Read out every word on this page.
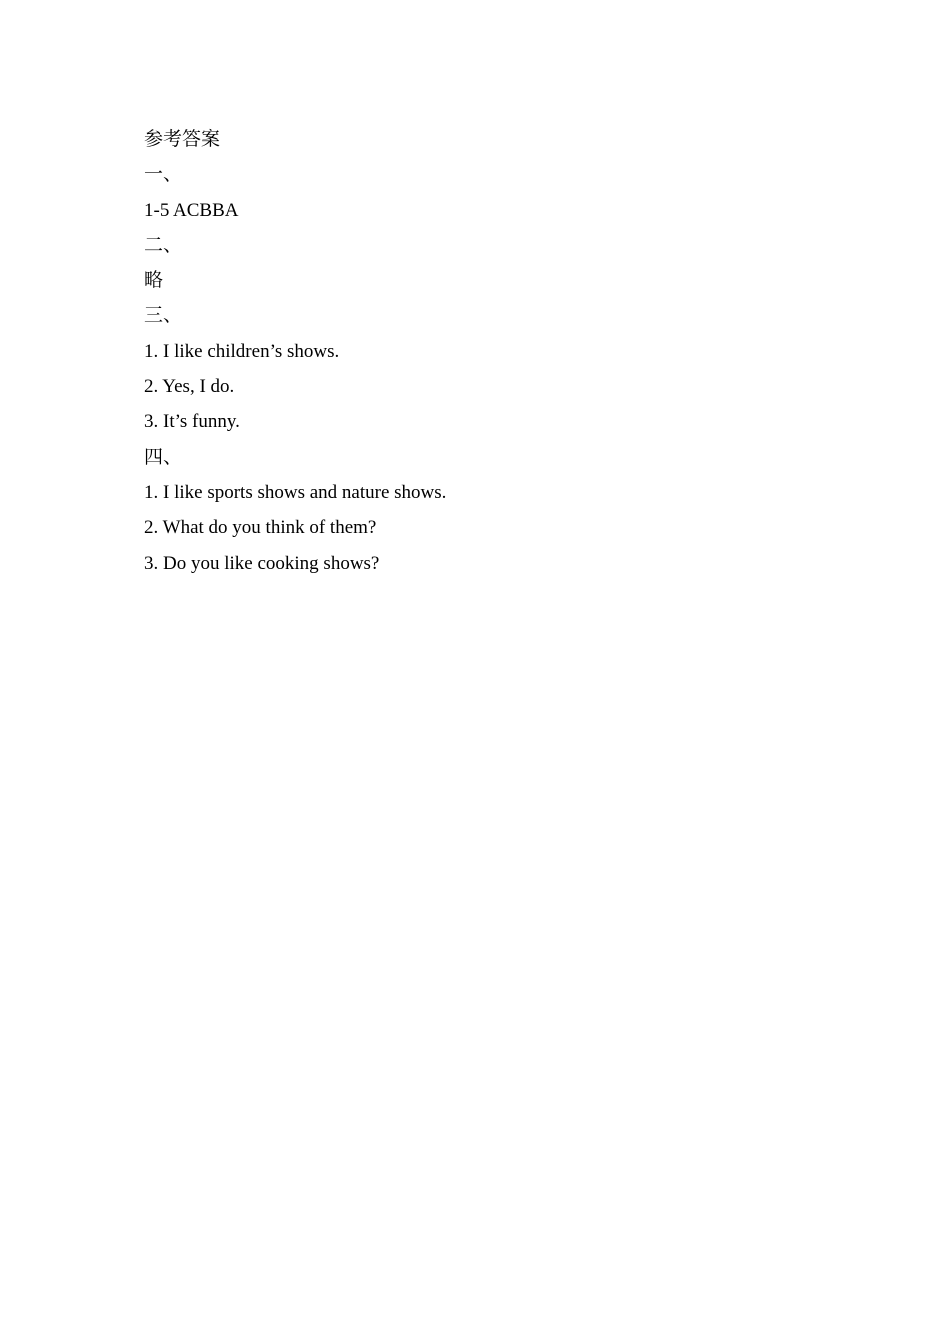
参考答案
一、
1-5 ACBBA
二、
略
三、
1. I like children’s shows.
2. Yes, I do.
3. It’s funny.
四、
1. I like sports shows and nature shows.
2. What do you think of them?
3. Do you like cooking shows?
